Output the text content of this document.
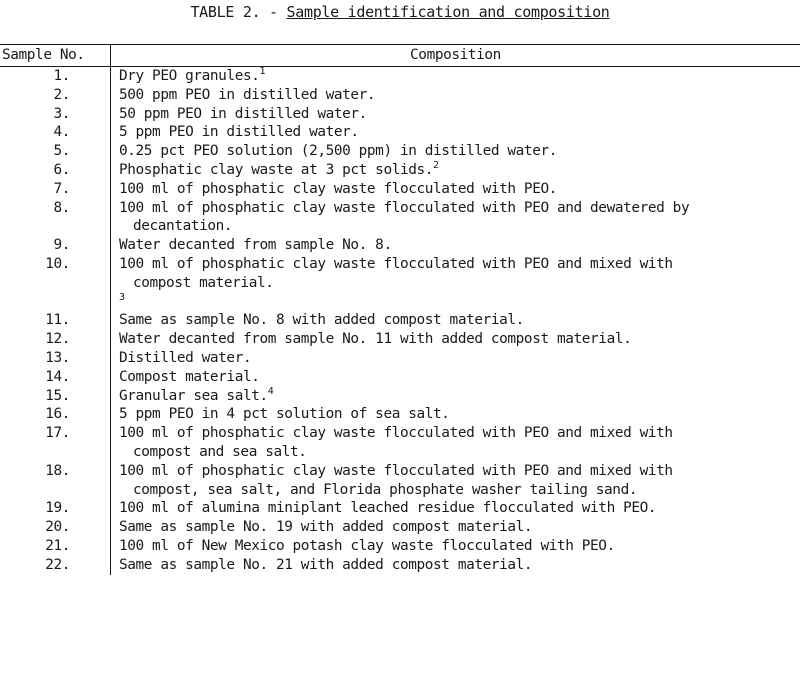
TABLE 2. - Sample identification and composition
Sample No.	Composition
1.	Dry PEO granules.$^1$
2.	500 ppm PEO in distilled water.
3.	50 ppm PEO in distilled water.
4.	5 ppm PEO in distilled water.
5.	0.25 pct PEO solution (2,500 ppm) in distilled water.
6.	Phosphatic clay waste at 3 pct solids.$^2$
7.	100 ml of phosphatic clay waste flocculated with PEO.
8.	100 ml of phosphatic clay waste flocculated with PEO and dewatered by
decantation.

9.	Water decanted from sample No. 8.
10.	100 ml of phosphatic clay waste flocculated with PEO and mixed with
compost material.
$^3$
11.	Same as sample No. 8 with added compost material.
12.	Water decanted from sample No. 11 with added compost material.
13.	Distilled water.
14.	Compost material.
15.	Granular sea salt.$^4$
16.	5 ppm PEO in 4 pct solution of sea salt.
17.	100 ml of phosphatic clay waste flocculated with PEO and mixed with
compost and sea salt.

18.	100 ml of phosphatic clay waste flocculated with PEO and mixed with
compost, sea salt, and Florida phosphate washer tailing sand.

19.	100 ml of alumina miniplant leached residue flocculated with PEO.
20.	Same as sample No. 19 with added compost material.
21.	100 ml of New Mexico potash clay waste flocculated with PEO.
22.	Same as sample No. 21 with added compost material.
